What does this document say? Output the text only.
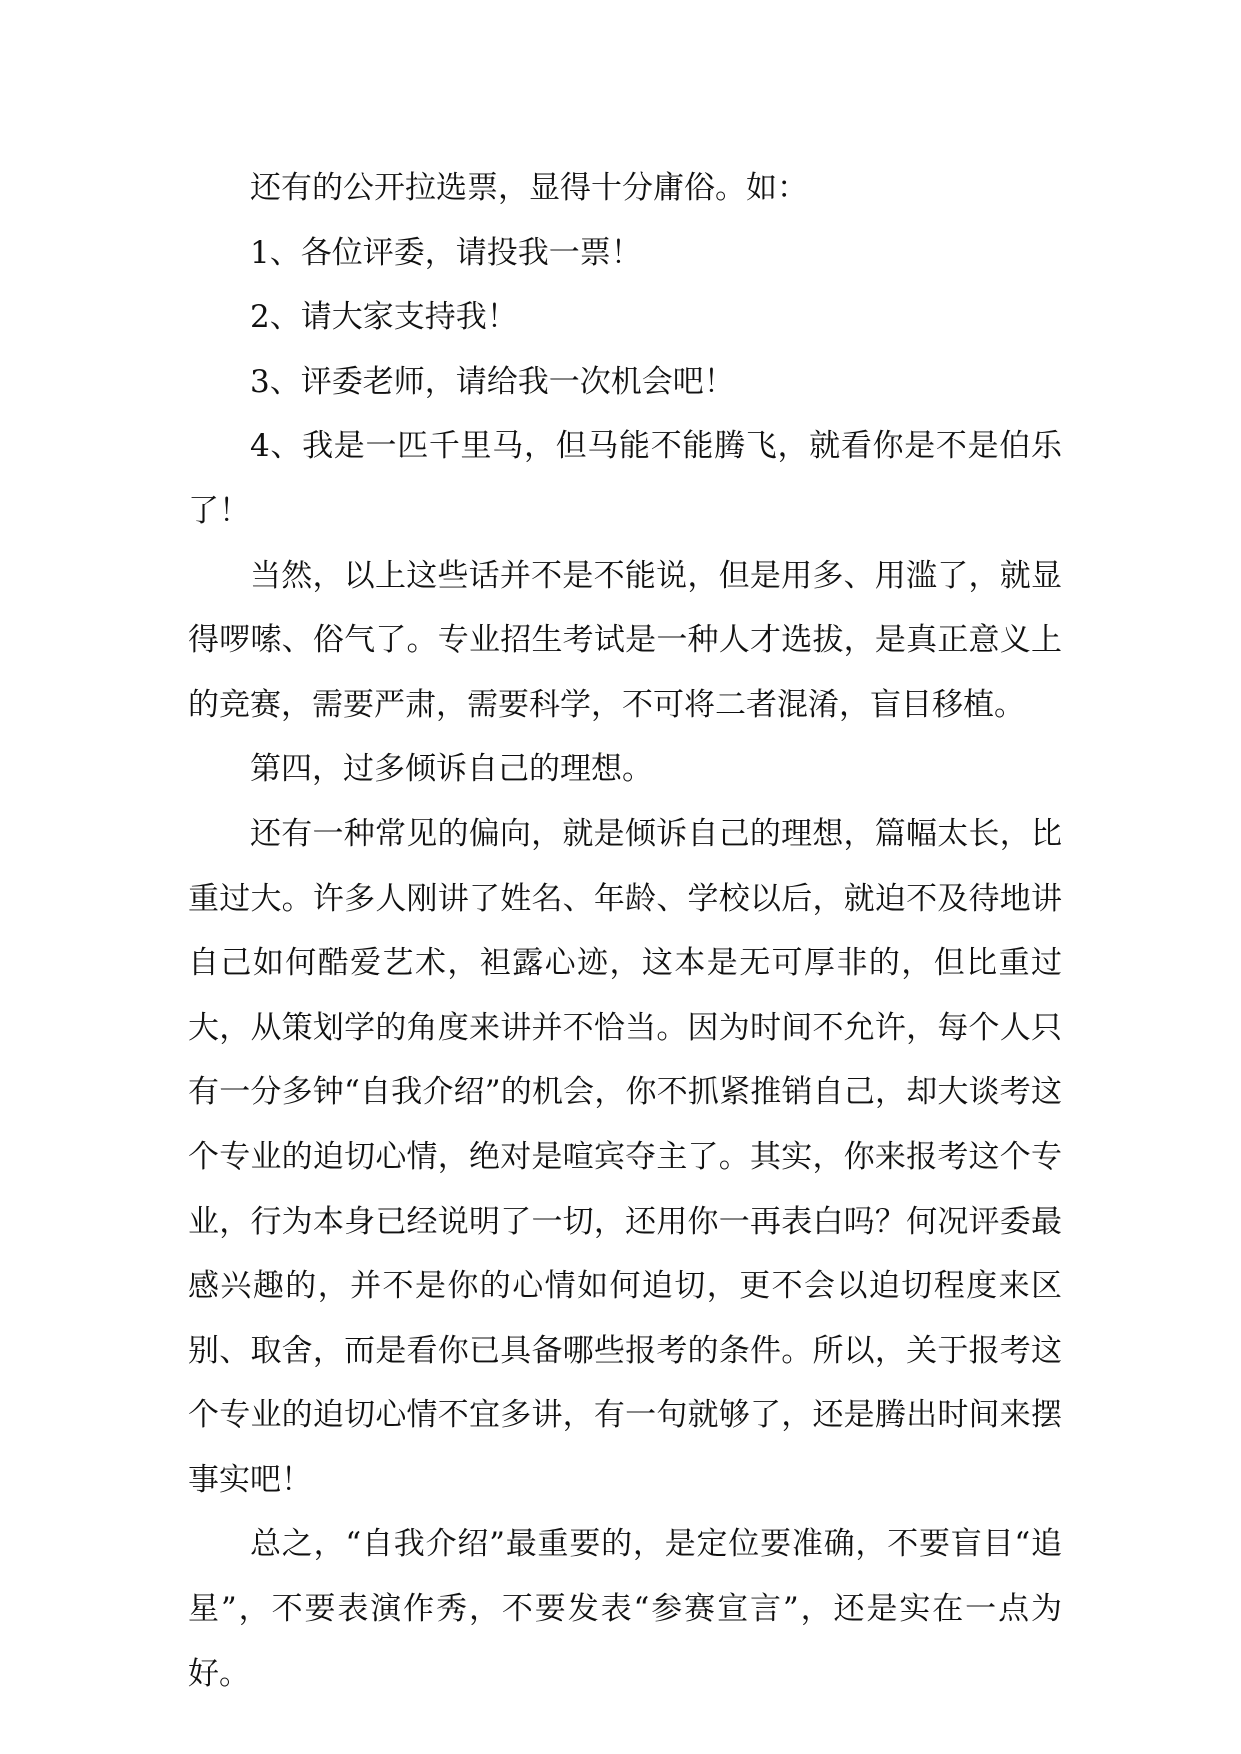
还有的公开拉选票，显得十分庸俗。如：

1、各位评委，请投我一票！

2、请大家支持我！

3、评委老师，请给我一次机会吧！

4、我是一匹千里马，但马能不能腾飞，就看你是不是伯乐了！

当然，以上这些话并不是不能说，但是用多、用滥了，就显得啰嗦、俗气了。专业招生考试是一种人才选拔，是真正意义上的竞赛，需要严肃，需要科学，不可将二者混淆，盲目移植。

第四，过多倾诉自己的理想。

还有一种常见的偏向，就是倾诉自己的理想，篇幅太长，比重过大。许多人刚讲了姓名、年龄、学校以后，就迫不及待地讲自己如何酷爱艺术，袒露心迹，这本是无可厚非的，但比重过大，从策划学的角度来讲并不恰当。因为时间不允许，每个人只有一分多钟“自我介绍”的机会，你不抓紧推销自己，却大谈考这个专业的迫切心情，绝对是喧宾夺主了。其实，你来报考这个专业，行为本身已经说明了一切，还用你一再表白吗？何况评委最感兴趣的，并不是你的心情如何迫切，更不会以迫切程度来区别、取舍，而是看你已具备哪些报考的条件。所以，关于报考这个专业的迫切心情不宜多讲，有一句就够了，还是腾出时间来摆事实吧！

总之，“自我介绍”最重要的，是定位要准确，不要盲目“追星”，不要表演作秀，不要发表“参赛宣言”，还是实在一点为好。
